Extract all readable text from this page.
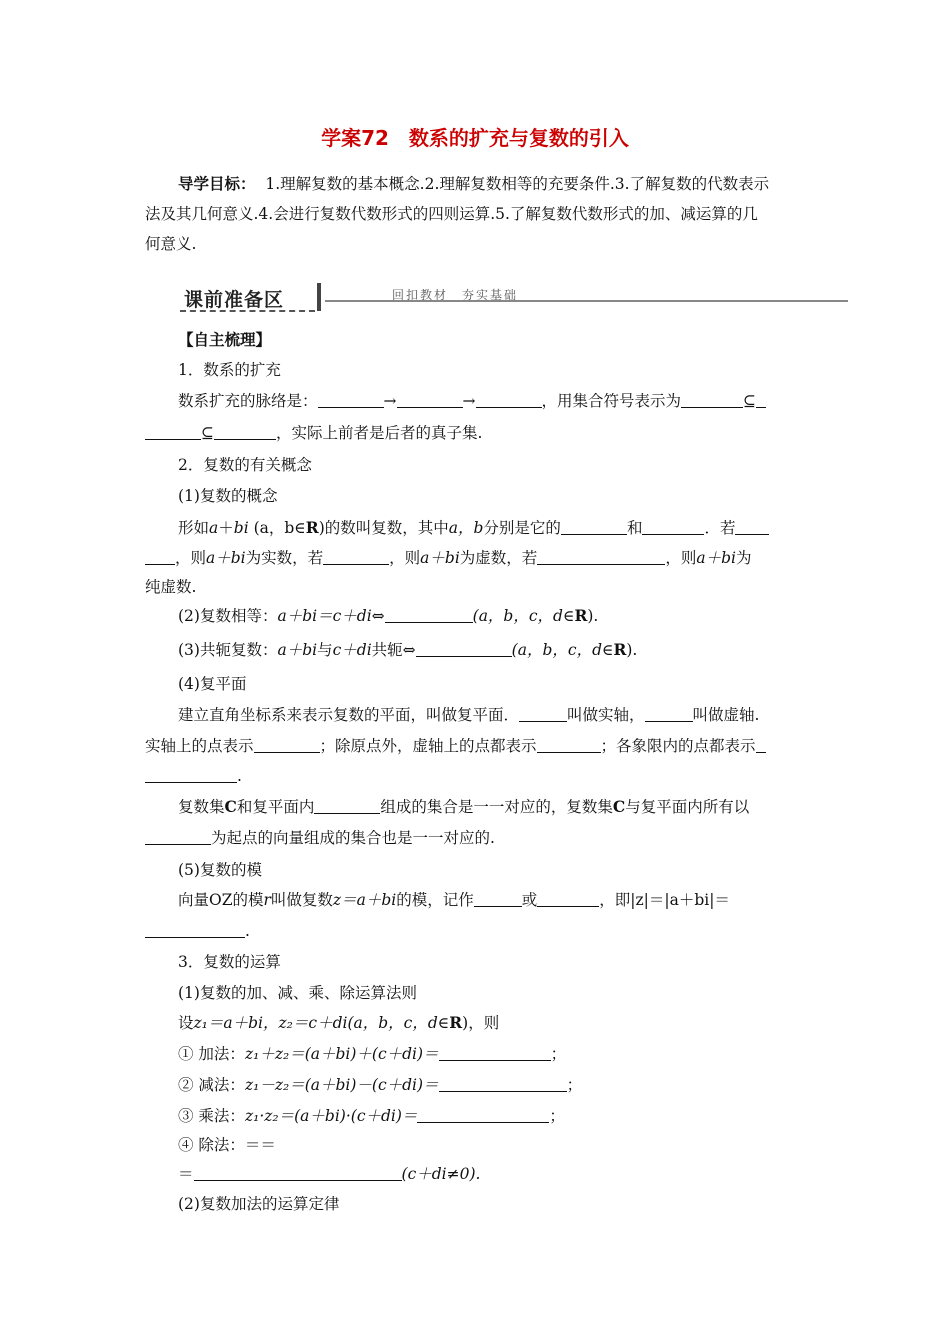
学案72　数系的扩充与复数的引入
导学目标： 1.理解复数的基本概念.2.理解复数相等的充要条件.3.了解复数的代数表示
法及其几何意义.4.会进行复数代数形式的四则运算.5.了解复数代数形式的加、减运算的几
何意义.
课前准备区	回扣教材　夯实基础
【自主梳理】
1．数系的扩充
数系扩充的脉络是：	→	→	，用集合符号表示为	⊆
⊆	，实际上前者是后者的真子集.
2．复数的有关概念
(1)复数的概念
形如a＋bi (a，b∈R)的数叫复数，其中a，b分别是它的	和	．若
，则a＋bi为实数，若	，则a＋bi为虚数，若	，则a＋bi为
纯虚数.
(2)复数相等：a＋bi＝c＋di⇔	(a，b，c，d∈R).
(3)共轭复数：a＋bi与c＋di共轭⇔	(a，b，c，d∈R).
(4)复平面
建立直角坐标系来表示复数的平面，叫做复平面．	叫做实轴，	叫做虚轴.
实轴上的点表示	；除原点外，虚轴上的点都表示	；各象限内的点都表示
.
复数集C和复平面内	组成的集合是一一对应的，复数集C与复平面内所有以
为起点的向量组成的集合也是一一对应的.
(5)复数的模
向量OZ的模r叫做复数z＝a＋bi的模，记作	或	，即|z|＝|a＋bi|＝
.
3．复数的运算
(1)复数的加、减、乘、除运算法则
设z₁＝a＋bi，z₂＝c＋di(a，b，c，d∈R)，则
① 加法：z₁＋z₂＝(a＋bi)＋(c＋di)＝	；
② 减法：z₁－z₂＝(a＋bi)－(c＋di)＝	；
③ 乘法：z₁·z₂＝(a＋bi)·(c＋di)＝	；
④ 除法：＝＝
＝	(c＋di≠0).
(2)复数加法的运算定律
